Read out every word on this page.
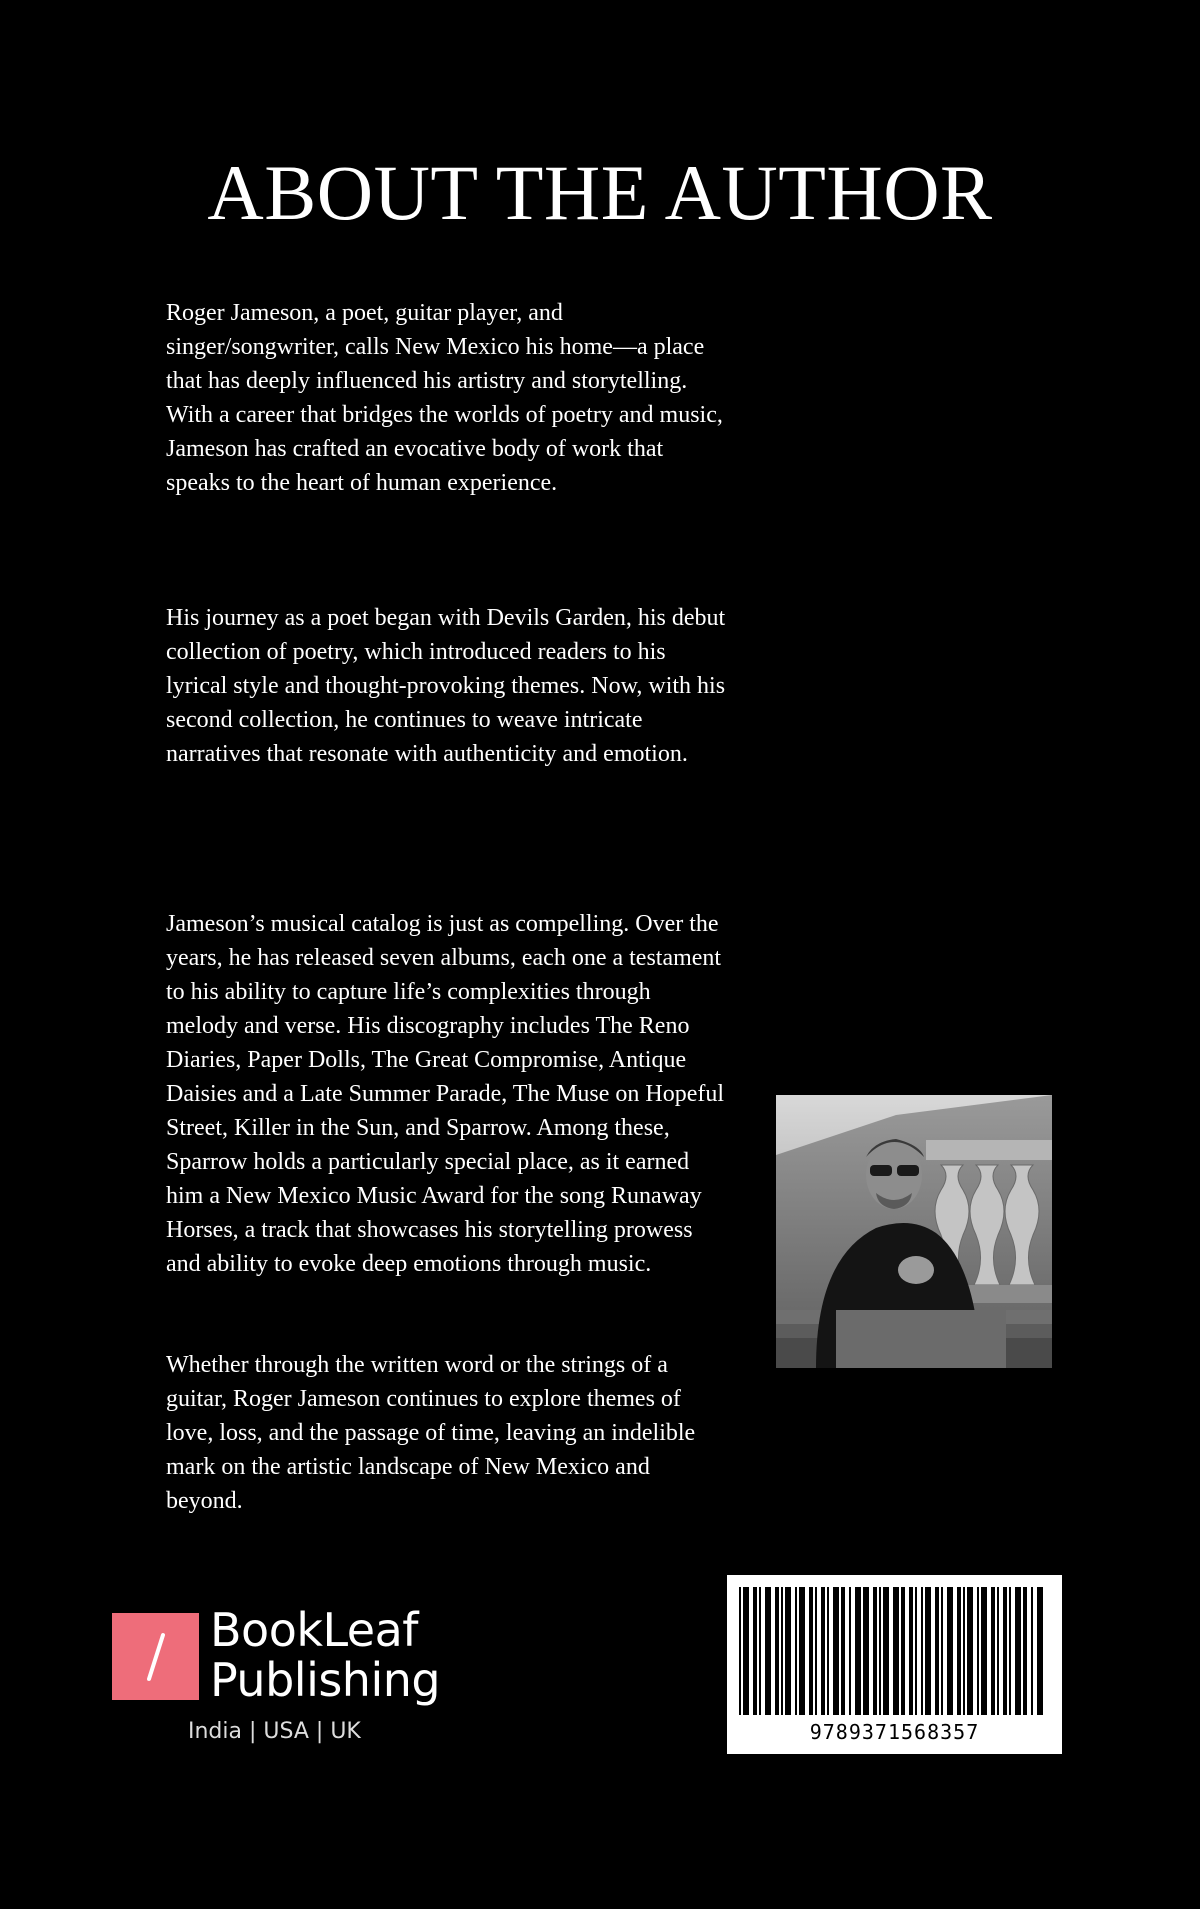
ABOUT THE AUTHOR

Roger Jameson, a poet, guitar player, and singer/songwriter, calls New Mexico his home—a place that has deeply influenced his artistry and storytelling. With a career that bridges the worlds of poetry and music, Jameson has crafted an evocative body of work that speaks to the heart of human experience.

His journey as a poet began with Devils Garden, his debut collection of poetry, which introduced readers to his lyrical style and thought-provoking themes. Now, with his second collection, he continues to weave intricate narratives that resonate with authenticity and emotion.

Jameson’s musical catalog is just as compelling. Over the years, he has released seven albums, each one a testament to his ability to capture life’s complexities through melody and verse. His discography includes The Reno Diaries, Paper Dolls, The Great Compromise, Antique Daisies and a Late Summer Parade, The Muse on Hopeful Street, Killer in the Sun, and Sparrow. Among these, Sparrow holds a particularly special place, as it earned him a New Mexico Music Award for the song Runaway Horses, a track that showcases his storytelling prowess and ability to evoke deep emotions through music.

Whether through the written word or the strings of a guitar, Roger Jameson continues to explore themes of love, loss, and the passage of time, leaving an indelible mark on the artistic landscape of New Mexico and beyond.

BookLeaf
Publishing
India | USA | UK	9789371568357
